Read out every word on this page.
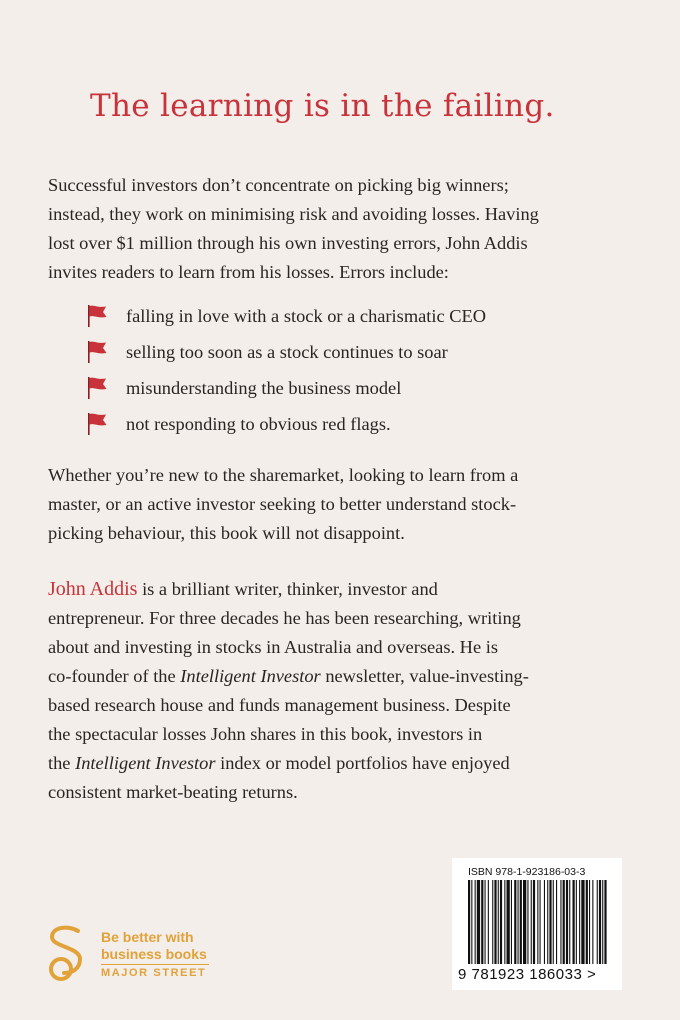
The learning is in the failing.

Successful investors don’t concentrate on picking big winners;
instead, they work on minimising risk and avoiding losses. Having
lost over $1 million through his own investing errors, John Addis
invites readers to learn from his losses. Errors include:

falling in love with a stock or a charismatic CEO
selling too soon as a stock continues to soar
misunderstanding the business model
not responding to obvious red flags.

Whether you’re new to the sharemarket, looking to learn from a
master, or an active investor seeking to better understand stock-
picking behaviour, this book will not disappoint.

John Addis is a brilliant writer, thinker, investor and
entrepreneur. For three decades he has been researching, writing
about and investing in stocks in Australia and overseas. He is
co-founder of the Intelligent Investor newsletter, value-investing-
based research house and funds management business. Despite
the spectacular losses John shares in this book, investors in
the Intelligent Investor index or model portfolios have enjoyed
consistent market-beating returns.

Be better with
business books
MAJOR STREET
ISBN 978-1-923186-03-3
9 781923 186033 >
